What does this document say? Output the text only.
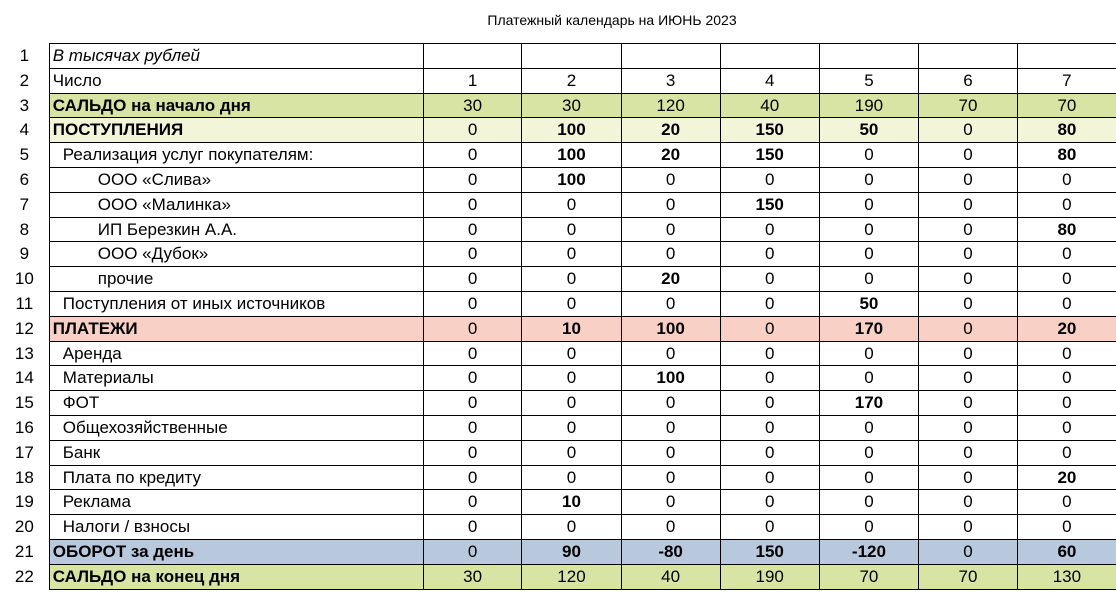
Платежный календарь на ИЮНЬ 2023
1	В тысячах рублей							
2	Число	1	2	3	4	5	6	7
3	САЛЬДО на начало дня	30	30	120	40	190	70	70
4	ПОСТУПЛЕНИЯ	0	100	20	150	50	0	80
5	Реализация услуг покупателям:	0	100	20	150	0	0	80
6	ООО «Слива»	0	100	0	0	0	0	0
7	ООО «Малинка»	0	0	0	150	0	0	0
8	ИП Березкин А.А.	0	0	0	0	0	0	80
9	ООО «Дубок»	0	0	0	0	0	0	0
10	прочие	0	0	20	0	0	0	0
11	Поступления от иных источников	0	0	0	0	50	0	0
12	ПЛАТЕЖИ	0	10	100	0	170	0	20
13	Аренда	0	0	0	0	0	0	0
14	Материалы	0	0	100	0	0	0	0
15	ФОТ	0	0	0	0	170	0	0
16	Общехозяйственные	0	0	0	0	0	0	0
17	Банк	0	0	0	0	0	0	0
18	Плата по кредиту	0	0	0	0	0	0	20
19	Реклама	0	10	0	0	0	0	0
20	Налоги / взносы	0	0	0	0	0	0	0
21	ОБОРОТ за день	0	90	-80	150	-120	0	60
22	САЛЬДО на конец дня	30	120	40	190	70	70	130
